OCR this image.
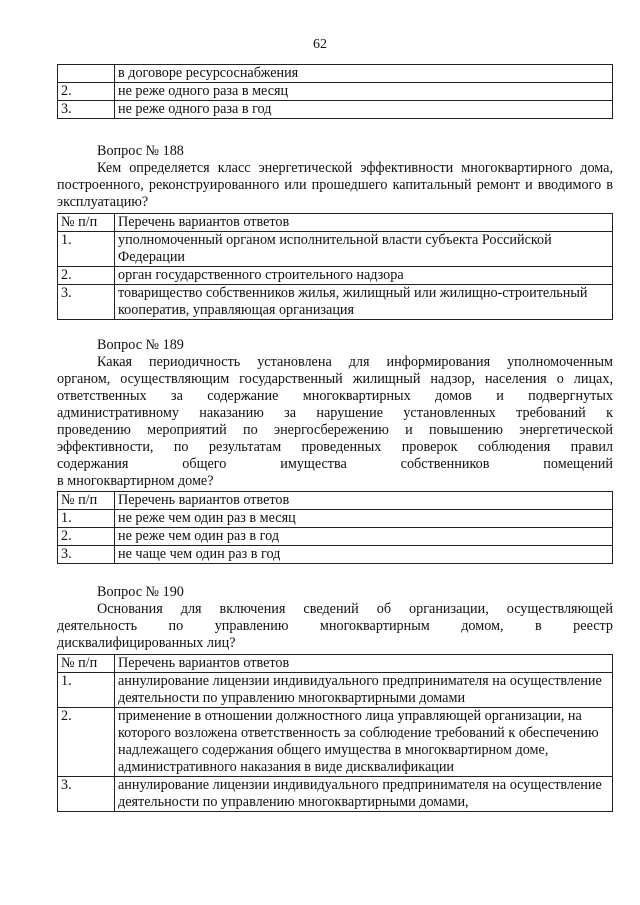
62
	в договоре ресурсоснабжения
2.	не реже одного раза в месяц
3.	не реже одного раза в год
Вопрос № 188
Кем определяется класс энергетической эффективности многоквартирного дома, построенного, реконструированного или прошедшего капитальный ремонт и вводимого в эксплуатацию?
№ п/п	Перечень вариантов ответов
1.	уполномоченный органом исполнительной власти субъекта Российской Федерации
2.	орган государственного строительного надзора
3.	товарищество собственников жилья, жилищный или жилищно-строительный кооператив, управляющая организация
Вопрос № 189
Какая периодичность установлена для информирования уполномоченным
органом, осуществляющим государственный жилищный надзор, населения о лицах,
ответственных за содержание многоквартирных домов и подвергнутых
административному наказанию за нарушение установленных требований к
проведению мероприятий по энергосбережению и повышению энергетической
эффективности, по результатам проведенных проверок соблюдения правил
содержания общего имущества собственников помещений
в многоквартирном доме?
№ п/п	Перечень вариантов ответов
1.	не реже чем один раз в месяц
2.	не реже чем один раз в год
3.	не чаще чем один раз в год
Вопрос № 190
Основания для включения сведений об организации, осуществляющей
деятельность по управлению многоквартирным домом, в реестр
дисквалифицированных лиц?
№ п/п	Перечень вариантов ответов
1.	аннулирование лицензии индивидуального предпринимателя на осуществление деятельности по управлению многоквартирными домами
2.	применение в отношении должностного лица управляющей организации, на которого возложена ответственность за соблюдение требований к обеспечению надлежащего содержания общего имущества в многоквартирном доме, административного наказания в виде дисквалификации
3.	аннулирование лицензии индивидуального предпринимателя на осуществление деятельности по управлению многоквартирными домами,
